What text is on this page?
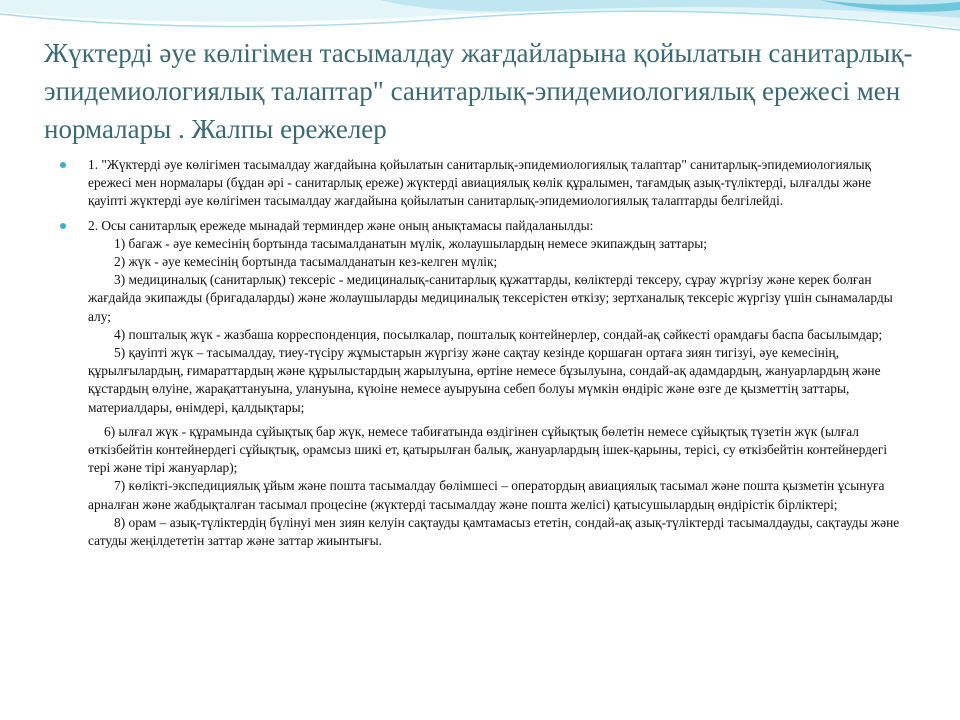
Жүктерді әуе көлігімен тасымалдау жағдайларына қойылатын санитарлық-эпидемиологиялық талаптар" санитарлық-эпидемиологиялық ережесі мен нормалары . Жалпы ережелер
1. "Жүктерді әуе көлігімен тасымалдау жағдайына қойылатын санитарлық-эпидемиологиялық талаптар" санитарлық-эпидемиологиялық ережесі мен нормалары (бұдан әрі - санитарлық ереже) жүктерді авиациялық көлік құралымен, тағамдық азық-түліктерді, ылғалды және қауіпті жүктерді әуе көлігімен тасымалдау жағдайына қойылатын санитарлық-эпидемиологиялық талаптарды белгілейді.
2. Осы санитарлық ережеде мынадай терминдер және оның анықтамасы пайдаланылды:
1) багаж - әуе кемесінің бортында тасымалданатын мүлік, жолаушылардың немесе экипаждың заттары;
2) жүк - әуе кемесінің бортында тасымалданатын кез-келген мүлік;
3) медициналық (санитарлық) тексеріс - медициналық-санитарлық құжаттарды, көліктерді тексеру, сұрау жүргізу және керек болған жағдайда экипажды (бригадаларды) және жолаушыларды медициналық тексерістен өткізу; зертханалық тексеріс жүргізу үшін сынамаларды алу;
4) пошталық жүк - жазбаша корреспонденция, посылкалар, пошталық контейнерлер, сондай-ақ сәйкесті орамдағы баспа басылымдар;
5) қауіпті жүк – тасымалдау, тиеу-түсіру жұмыстарын жүргізу және сақтау кезінде қоршаған ортаға зиян тигізуі, әуе кемесінің, құрылғылардың, ғимараттардың және құрылыстардың жарылуына, өртіне немесе бұзылуына, сондай-ақ адамдардың, жануарлардың және құстардың өлуіне, жарақаттануына, улануына, күюіне немесе ауыруына себеп болуы мүмкін өндіріс және өзге де қызметтің заттары, материалдары, өнімдері, қалдықтары;
6) ылғал жүк - құрамында сұйықтық бар жүк, немесе табиғатында өздігінен сұйықтық бөлетін немесе сұйықтық түзетін жүк (ылғал өткізбейтін контейнердегі сұйықтық, орамсыз шикі ет, қатырылған балық, жануарлардың ішек-қарыны, терісі, су өткізбейтін контейнердегі тері және тірі жануарлар);
7) көлікті-экспедициялық ұйым және пошта тасымалдау бөлімшесі – оператордың авиациялық тасымал және пошта қызметін ұсынуға арналған және жабдықталған тасымал процесіне (жүктерді тасымалдау және пошта желісі) қатысушылардың өндірістік бірліктері;
8) орам – азық-түліктердің бүлінуі мен зиян келуін сақтауды қамтамасыз ететін, сондай-ақ азық-түліктерді тасымалдауды, сақтауды және сатуды жеңілдететін заттар және заттар жиынтығы.
